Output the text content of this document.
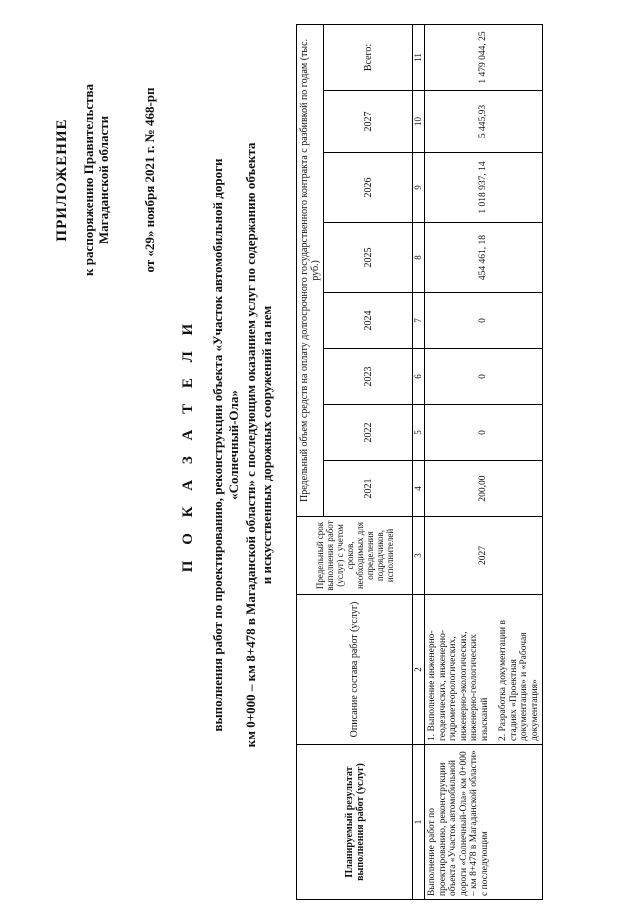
ПРИЛОЖЕНИЕ к распоряжению Правительства Магаданской области от «29» ноября 2021 г. № 468-рп
П О К А З А Т Е Л И выполнения работ по проектированию, реконструкции объекта «Участок автомобильной дороги «Солнечный-Ола» км 0+000 – км 8+478 в Магаданской области» с последующим оказанием услуг по содержанию объекта и искусственных дорожных сооружений на нем
Планируемый результат выполнения работ (услуг)	Описание состава работ (услуг)	Предельный срок выполнения работ (услуг) с учетом сроков, необходимых для определения подрядчиков, исполнителей	Предельный объем средств на оплату долгосрочного государственного контракта с разбивкой по годам (тыс. руб.)							
			2021	2022	2023	2024	2025	2026	2027	Всего:
1	2	3	4	5	6	7	8	9	10	11
Выполнение работ по проектированию, реконструкции объекта «Участок автомобильной дороги «Солнечный-Ола» км 0+000 – км 8+478 в Магаданской области» с последующим	1. Выполнение инженерно-геодезических, инженерно-гидрометеорологических, инженерно-экологических, инженерно-геологических изысканий 2. Разработка документации в стадиях «Проектная документация» и «Рабочая документация»	2027	200,00	0	0	0	454 461, 18	1 018 937, 14	5 445,93	1 479 044, 25
